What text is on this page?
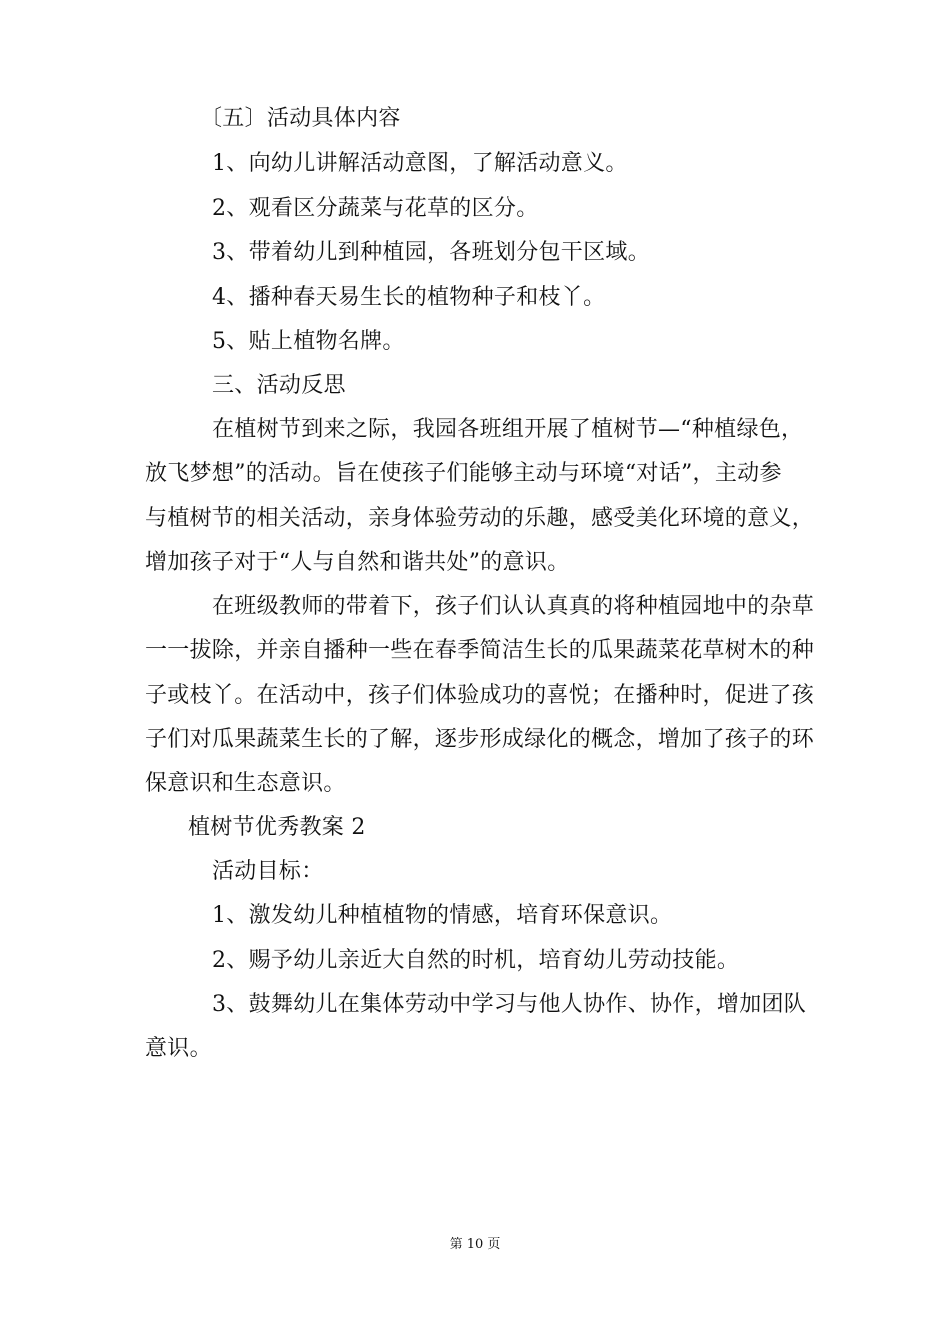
〔五〕活动具体内容
1、向幼儿讲解活动意图，了解活动意义。
2、观看区分蔬菜与花草的区分。
3、带着幼儿到种植园，各班划分包干区域。
4、播种春天易生长的植物种子和枝丫。
5、贴上植物名牌。
三、活动反思
在植树节到来之际，我园各班组开展了植树节—“种植绿色，
放飞梦想”的活动。旨在使孩子们能够主动与环境“对话”，主动参
与植树节的相关活动，亲身体验劳动的乐趣，感受美化环境的意义，
增加孩子对于“人与自然和谐共处”的意识。
在班级教师的带着下，孩子们认认真真的将种植园地中的杂草
一一拔除，并亲自播种一些在春季简洁生长的瓜果蔬菜花草树木的种
子或枝丫。在活动中，孩子们体验成功的喜悦；在播种时，促进了孩
子们对瓜果蔬菜生长的了解，逐步形成绿化的概念，增加了孩子的环
保意识和生态意识。
植树节优秀教案 2
活动目标：
1、激发幼儿种植植物的情感，培育环保意识。
2、赐予幼儿亲近大自然的时机，培育幼儿劳动技能。
3、鼓舞幼儿在集体劳动中学习与他人协作、协作，增加团队
意识。
第 10 页
